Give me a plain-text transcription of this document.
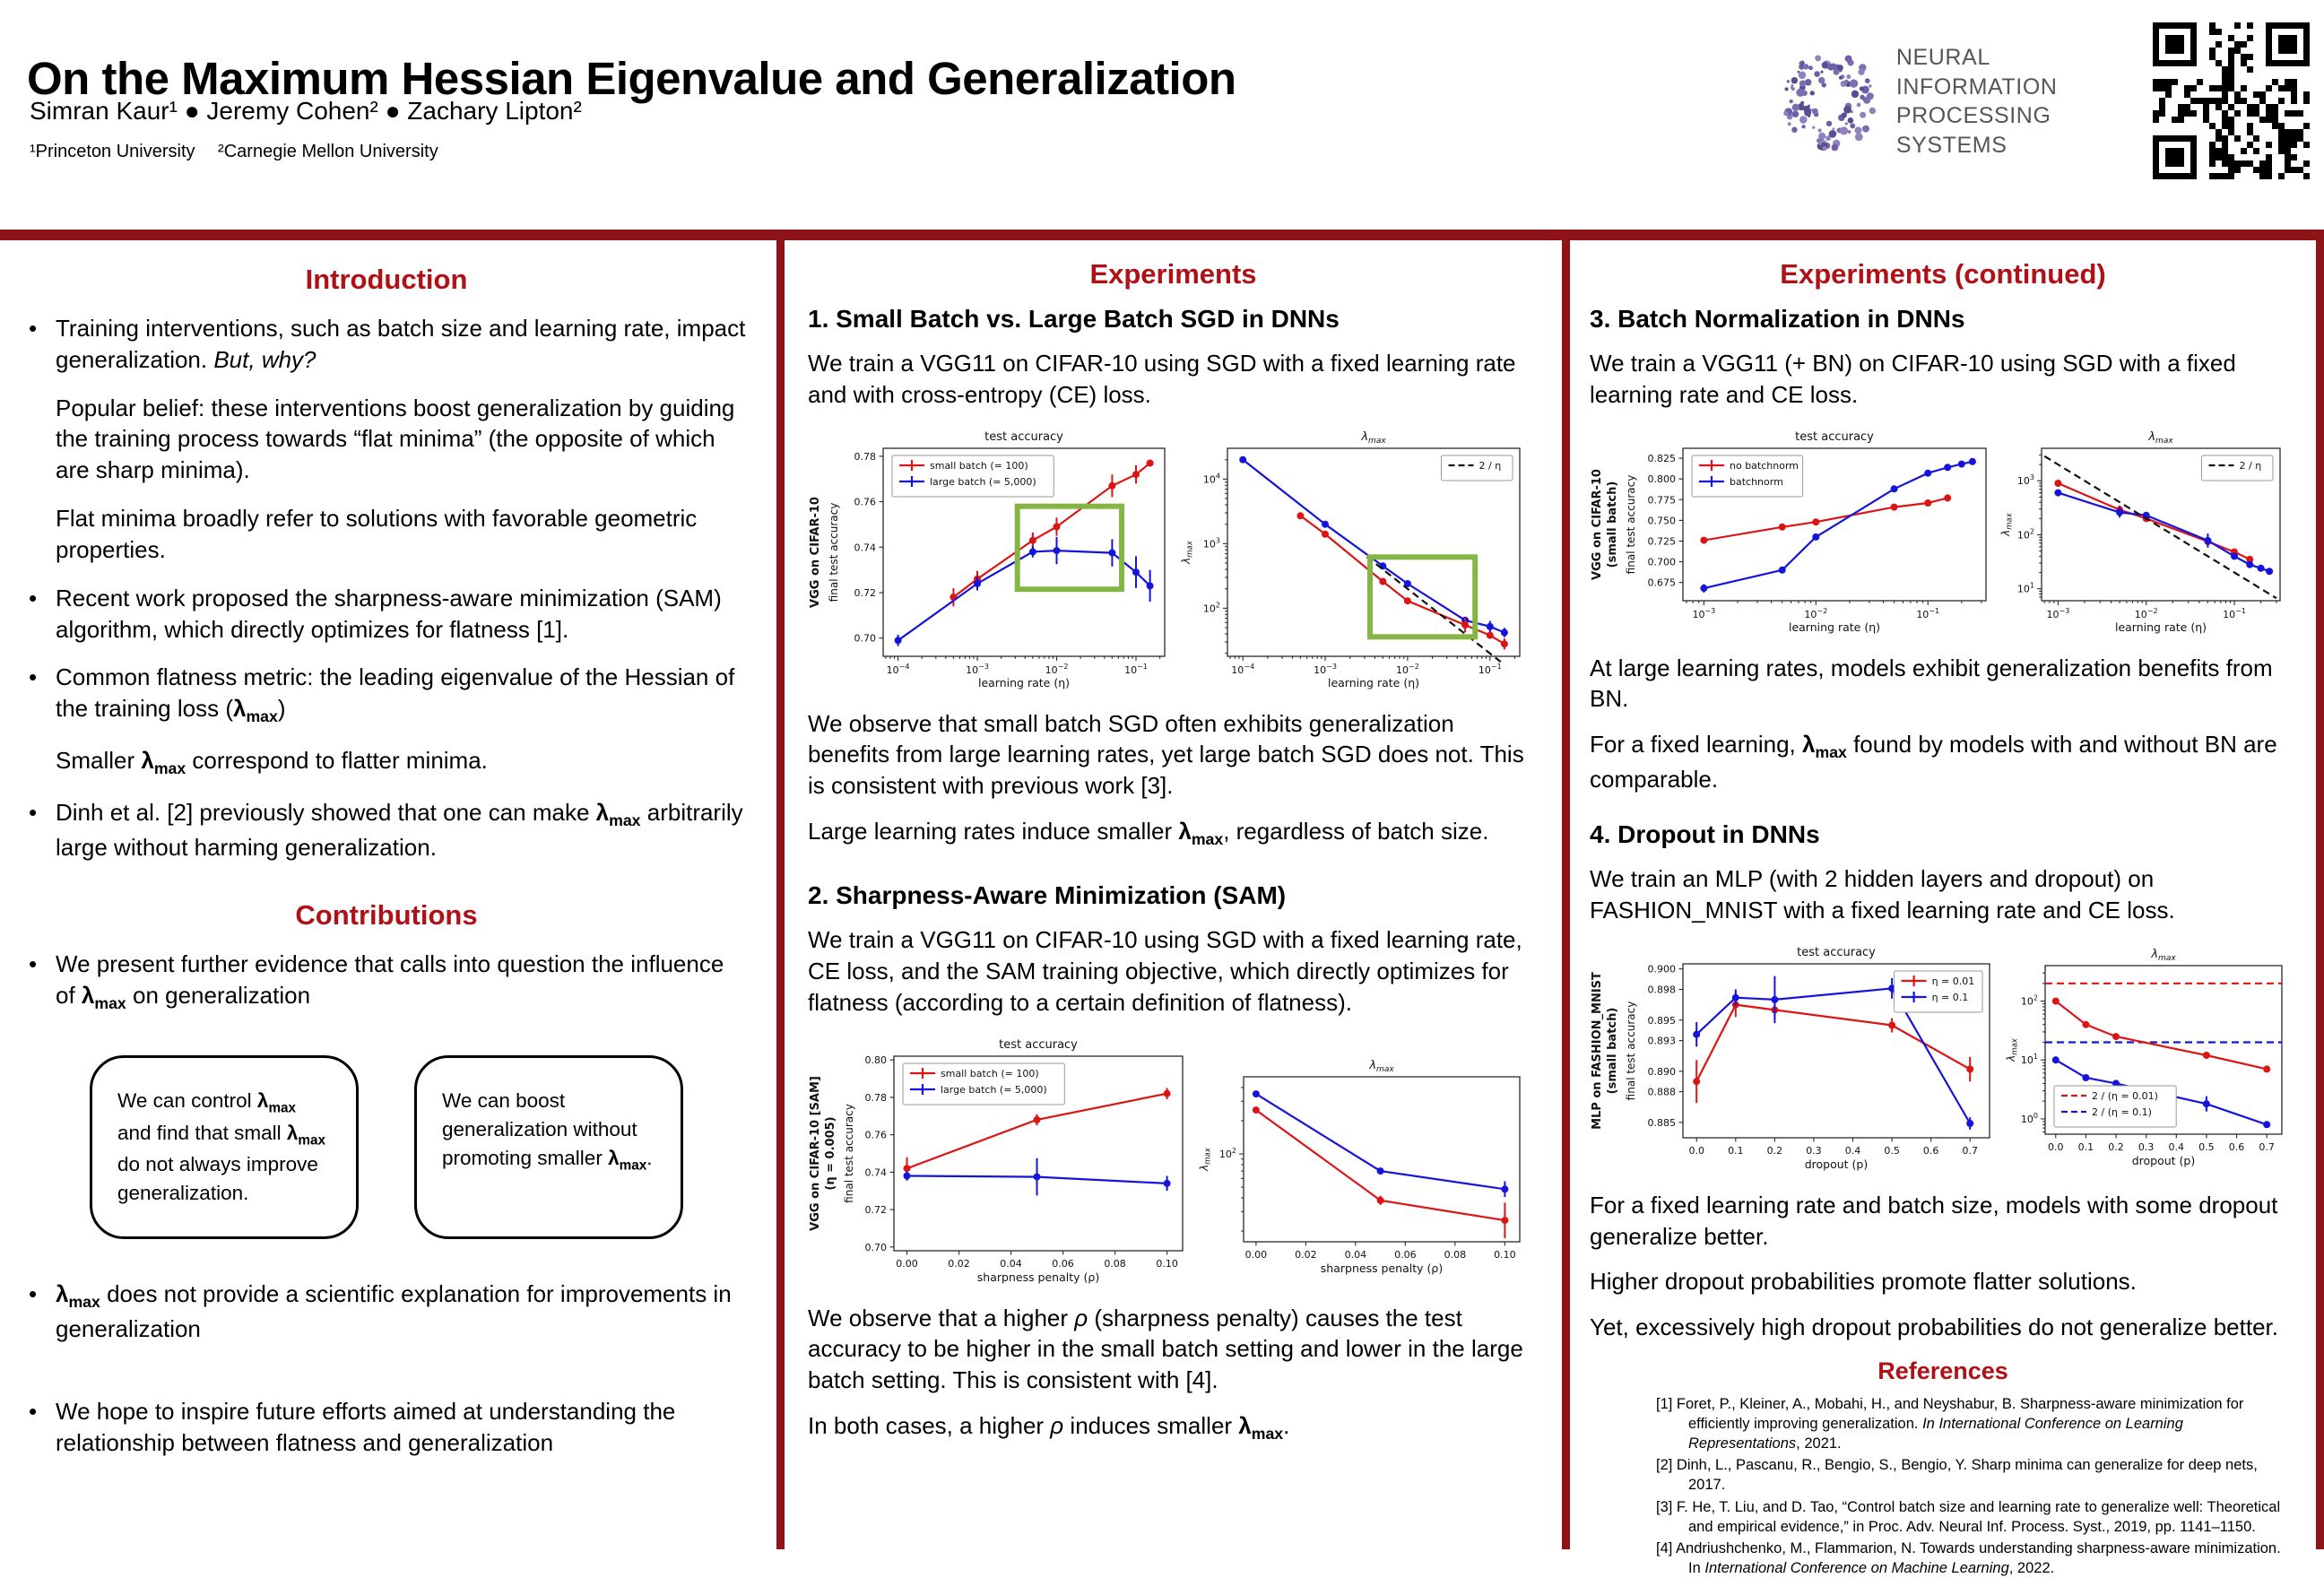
On the Maximum Hessian Eigenvalue and Generalization
Simran Kaur¹ ● Jeremy Cohen² ● Zachary Lipton²
¹Princeton University  ²Carnegie Mellon University
NEURAL INFORMATION
PROCESSING SYSTEMS
Introduction

• Training interventions, such as batch size and learning rate, impact generalization. But, why?

Popular belief: these interventions boost generalization by guiding the training process towards “flat minima” (the opposite of which are sharp minima).

Flat minima broadly refer to solutions with favorable geometric properties.

• Recent work proposed the sharpness-aware minimization (SAM) algorithm, which directly optimizes for flatness [1].

• Common flatness metric: the leading eigenvalue of the Hessian of the training loss $(\lambda_{max})$

Smaller $\lambda_{max}$ correspond to flatter minima.

• Dinh et al. [2] previously showed that one can make $\lambda_{max}$ arbitrarily large without harming generalization.

Contributions

• We present further evidence that calls into question the influence of $\lambda_{max}$ on generalization

We can control $\lambda_{max}$ and find that small $\lambda_{max}$ do not always improve generalization.
We can boost generalization without promoting smaller $\lambda_{max}$.

• $\lambda_{max}$ does not provide a scientific explanation for improvements in generalization

• We hope to inspire future efforts aimed at understanding the relationship between flatness and generalization

Experiments
1. Small Batch vs. Large Batch SGD in DNNs

We train a VGG11 on CIFAR-10 using SGD with a fixed learning rate and with cross-entropy (CE) loss.

test accuracy
$10^{-4}$	$10^{-3}$	$10^{-2}$	$10^{-1}$
0.70
0.72
0.74
0.76
0.78
learning rate (η)
VGG on CIFAR-10 final test accuracy
small batch (= 100)
large batch (= 5,000)
$\lambda_{max}$
$10^{-4}$	$10^{-3}$	$10^{-2}$	$10^{-1}$
$10^2$
$10^3$
$10^4$
learning rate (η)
$\lambda_{max}$
2 / η

We observe that small batch SGD often exhibits generalization benefits from large learning rates, yet large batch SGD does not. This is consistent with previous work [3].

Large learning rates induce smaller $\lambda_{max}$, regardless of batch size.

2. Sharpness-Aware Minimization (SAM)

We train a VGG11 on CIFAR-10 using SGD with a fixed learning rate, CE loss, and the SAM training objective, which directly optimizes for flatness (according to a certain definition of flatness).

test accuracy
0.00	0.02	0.04	0.06	0.08	0.10
0.70
0.72
0.74
0.76
0.78
0.80
sharpness penalty (ρ)
VGG on CIFAR-10 [SAM] (η = 0.005) final test accuracy
small batch (= 100)
large batch (= 5,000)
$\lambda_{max}$
0.00	0.02	0.04	0.06	0.08	0.10
$10^2$
sharpness penalty (ρ)
$\lambda_{max}$

We observe that a higher ρ (sharpness penalty) causes the test accuracy to be higher in the small batch setting and lower in the large batch setting. This is consistent with [4].

In both cases, a higher ρ induces smaller $\lambda_{max}$.

Experiments (continued)
3. Batch Normalization in DNNs

We train a VGG11 (+ BN) on CIFAR-10 using SGD with a fixed learning rate and CE loss.

test accuracy
$10^{-3}$	$10^{-2}$	$10^{-1}$
0.675
0.700
0.725
0.750
0.775
0.800
0.825
learning rate (η)
VGG on CIFAR-10 (small batch) final test accuracy
no batchnorm
batchnorm
$\lambda_{max}$
$10^{-3}$	$10^{-2}$	$10^{-1}$
$10^1$
$10^2$
$10^3$
learning rate (η)
$\lambda_{max}$
2 / η

At large learning rates, models exhibit generalization benefits from BN.

For a fixed learning, $\lambda_{max}$ found by models with and without BN are comparable.

4. Dropout in DNNs

We train an MLP (with 2 hidden layers and dropout) on FASHION_MNIST with a fixed learning rate and CE loss.

test accuracy
0.0 0.1 0.2 0.3 0.4 0.5 0.6 0.7
0.885
0.888
0.890
0.893
0.895
0.898
0.900
dropout (p)
MLP on FASHION_MNIST (small batch) final test accuracy
η = 0.01
η = 0.1
$\lambda_{max}$
0.0 0.1 0.2 0.3 0.4 0.5 0.6 0.7
$10^0$
$10^1$
$10^2$
dropout (p)
$\lambda_{max}$
2 / (η = 0.01)
2 / (η = 0.1)

For a fixed learning rate and batch size, models with some dropout generalize better.

Higher dropout probabilities promote flatter solutions.

Yet, excessively high dropout probabilities do not generalize better.

References
[1] Foret, P., Kleiner, A., Mobahi, H., and Neyshabur, B. Sharpness-aware minimization for efficiently improving generalization. In International Conference on Learning Representations, 2021.
[2] Dinh, L., Pascanu, R., Bengio, S., Bengio, Y. Sharp minima can generalize for deep nets, 2017.
[3] F. He, T. Liu, and D. Tao, “Control batch size and learning rate to generalize well: Theoretical and empirical evidence,” in Proc. Adv. Neural Inf. Process. Syst., 2019, pp. 1141–1150.
[4] Andriushchenko, M., Flammarion, N. Towards understanding sharpness-aware minimization. In International Conference on Machine Learning, 2022.
